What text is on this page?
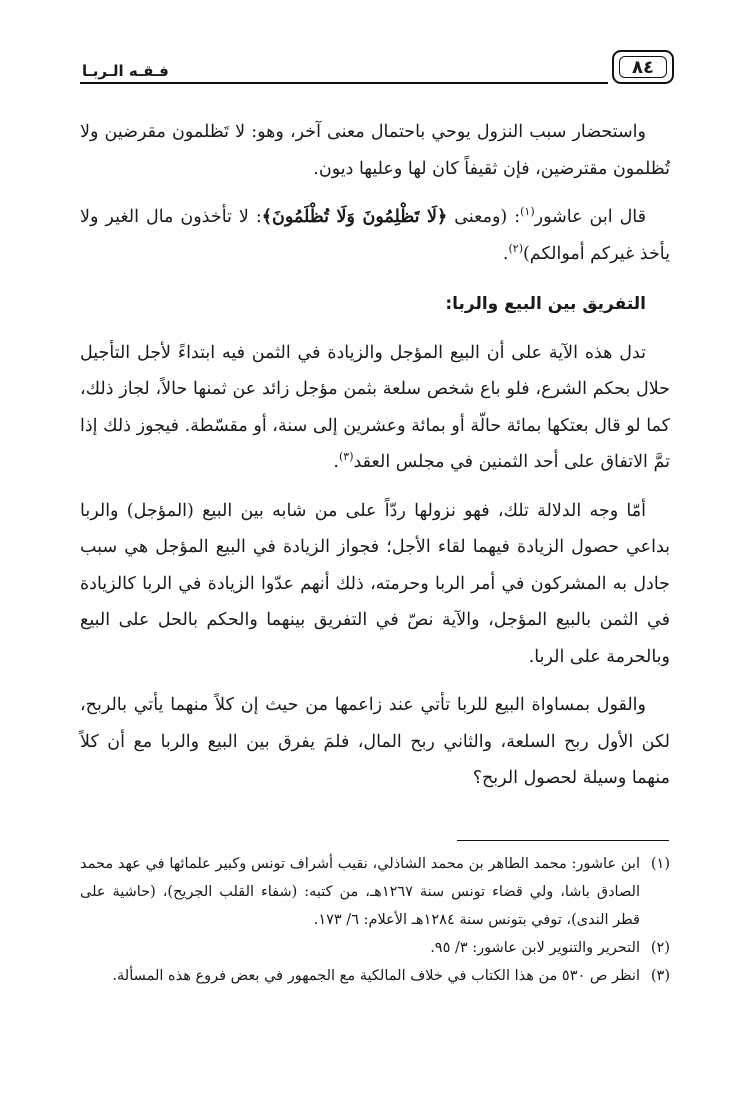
فـقـه الـربـا	٨٤

واستحضار سبب النزول يوحي باحتمال معنى آخر، وهو: لا تَظلمون مقرضين ولا تُظلمون مقترضين، فإن ثقيفاً كان لها وعليها ديون.

قال ابن عاشور$^{(١)}$: (ومعنى ﴿لَا تَظْلِمُونَ وَلَا تُظْلَمُونَ﴾: لا تأخذون مال الغير ولا يأخذ غيركم أموالكم)$^{(٢)}$.

التفريق بين البيع والربا:

تدل هذه الآية على أن البيع المؤجل والزيادة في الثمن فيه ابتداءً لأجل التأجيل حلال بحكم الشرع، فلو باع شخص سلعة بثمن مؤجل زائد عن ثمنها حالاً، لجاز ذلك، كما لو قال بعتكها بمائة حالّة أو بمائة وعشرين إلى سنة، أو مقسّطة. فيجوز ذلك إذا تمَّ الاتفاق على أحد الثمنين في مجلس العقد$^{(٣)}$.

أمّا وجه الدلالة تلك، فهو نزولها ردّاً على من شابه بين البيع (المؤجل) والربا بداعي حصول الزيادة فيهما لقاء الأجل؛ فجواز الزيادة في البيع المؤجل هي سبب جادل به المشركون في أمر الربا وحرمته، ذلك أنهم عدّوا الزيادة في الربا كالزيادة في الثمن بالبيع المؤجل، والآية نصّ في التفريق بينهما والحكم بالحل على البيع وبالحرمة على الربا.

والقول بمساواة البيع للربا تأتي عند زاعمها من حيث إن كلاً منهما يأتي بالربح، لكن الأول ربح السلعة، والثاني ربح المال، فلمَ يفرق بين البيع والربا مع أن كلاً منهما وسيلة لحصول الربح؟

(١)
ابن عاشور: محمد الطاهر بن محمد الشاذلي، نقيب أشراف تونس وكبير علمائها في عهد محمد الصادق باشا، ولي قضاء تونس سنة ١٢٦٧هـ، من كتبه: (شفاء القلب الجريح)، (حاشية على قطر الندى)، توفي بتونس سنة ١٢٨٤هـ الأعلام: ٦/ ١٧٣.
(٢)
التحرير والتنوير لابن عاشور: ٣/ ٩٥.
(٣)
انظر ص ٥٣٠ من هذا الكتاب في خلاف المالكية مع الجمهور في بعض فروع هذه المسألة.
